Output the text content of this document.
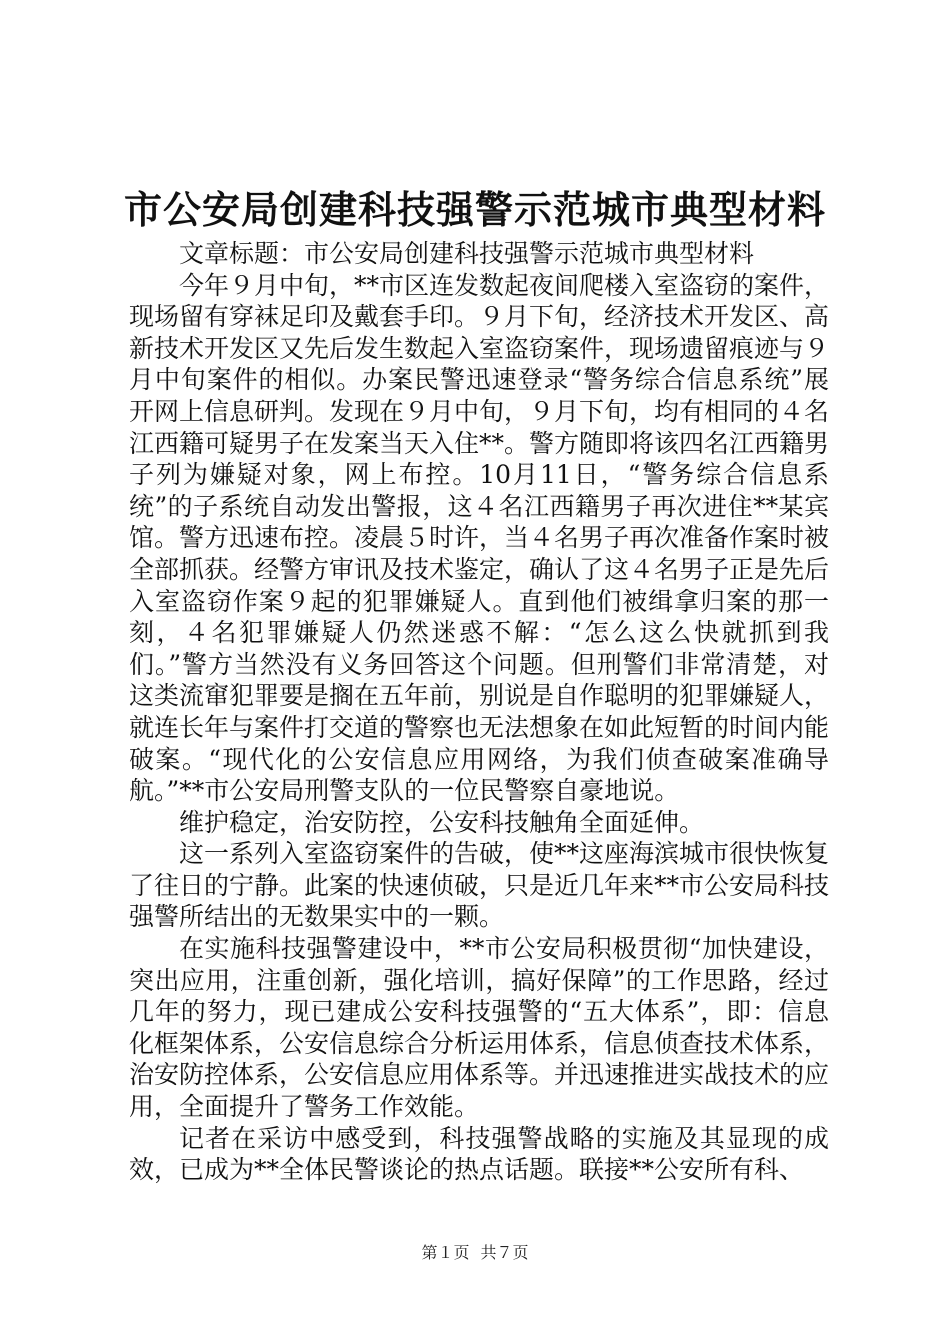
市公安局创建科技强警示范城市典型材料

文章标题：市公安局创建科技强警示范城市典型材料

今年９月中旬，**市区连发数起夜间爬楼入室盗窃的案件，现场留有穿袜足印及戴套手印。９月下旬，经济技术开发区、高新技术开发区又先后发生数起入室盗窃案件，现场遗留痕迹与９月中旬案件的相似。办案民警迅速登录“警务综合信息系统”展开网上信息研判。发现在９月中旬，９月下旬，均有相同的４名江西籍可疑男子在发案当天入住**。警方随即将该四名江西籍男子列为嫌疑对象，网上布控。10月11日，“警务综合信息系统”的子系统自动发出警报，这４名江西籍男子再次进住**某宾馆。警方迅速布控。凌晨５时许，当４名男子再次准备作案时被全部抓获。经警方审讯及技术鉴定，确认了这４名男子正是先后入室盗窃作案９起的犯罪嫌疑人。直到他们被缉拿归案的那一刻，４名犯罪嫌疑人仍然迷惑不解：“怎么这么快就抓到我们。”警方当然没有义务回答这个问题。但刑警们非常清楚，对这类流窜犯罪要是搁在五年前，别说是自作聪明的犯罪嫌疑人，就连长年与案件打交道的警察也无法想象在如此短暂的时间内能破案。“现代化的公安信息应用网络，为我们侦查破案准确导航。”**市公安局刑警支队的一位民警察自豪地说。

维护稳定，治安防控，公安科技触角全面延伸。

这一系列入室盗窃案件的告破，使**这座海滨城市很快恢复了往日的宁静。此案的快速侦破，只是近几年来**市公安局科技强警所结出的无数果实中的一颗。

在实施科技强警建设中，**市公安局积极贯彻“加快建设，突出应用，注重创新，强化培训，搞好保障”的工作思路，经过几年的努力，现已建成公安科技强警的“五大体系”，即：信息化框架体系，公安信息综合分析运用体系，信息侦查技术体系，治安防控体系，公安信息应用体系等。并迅速推进实战技术的应用，全面提升了警务工作效能。

记者在采访中感受到，科技强警战略的实施及其显现的成效，已成为**全体民警谈论的热点话题。联接**公安所有科、

第１页 共７页
